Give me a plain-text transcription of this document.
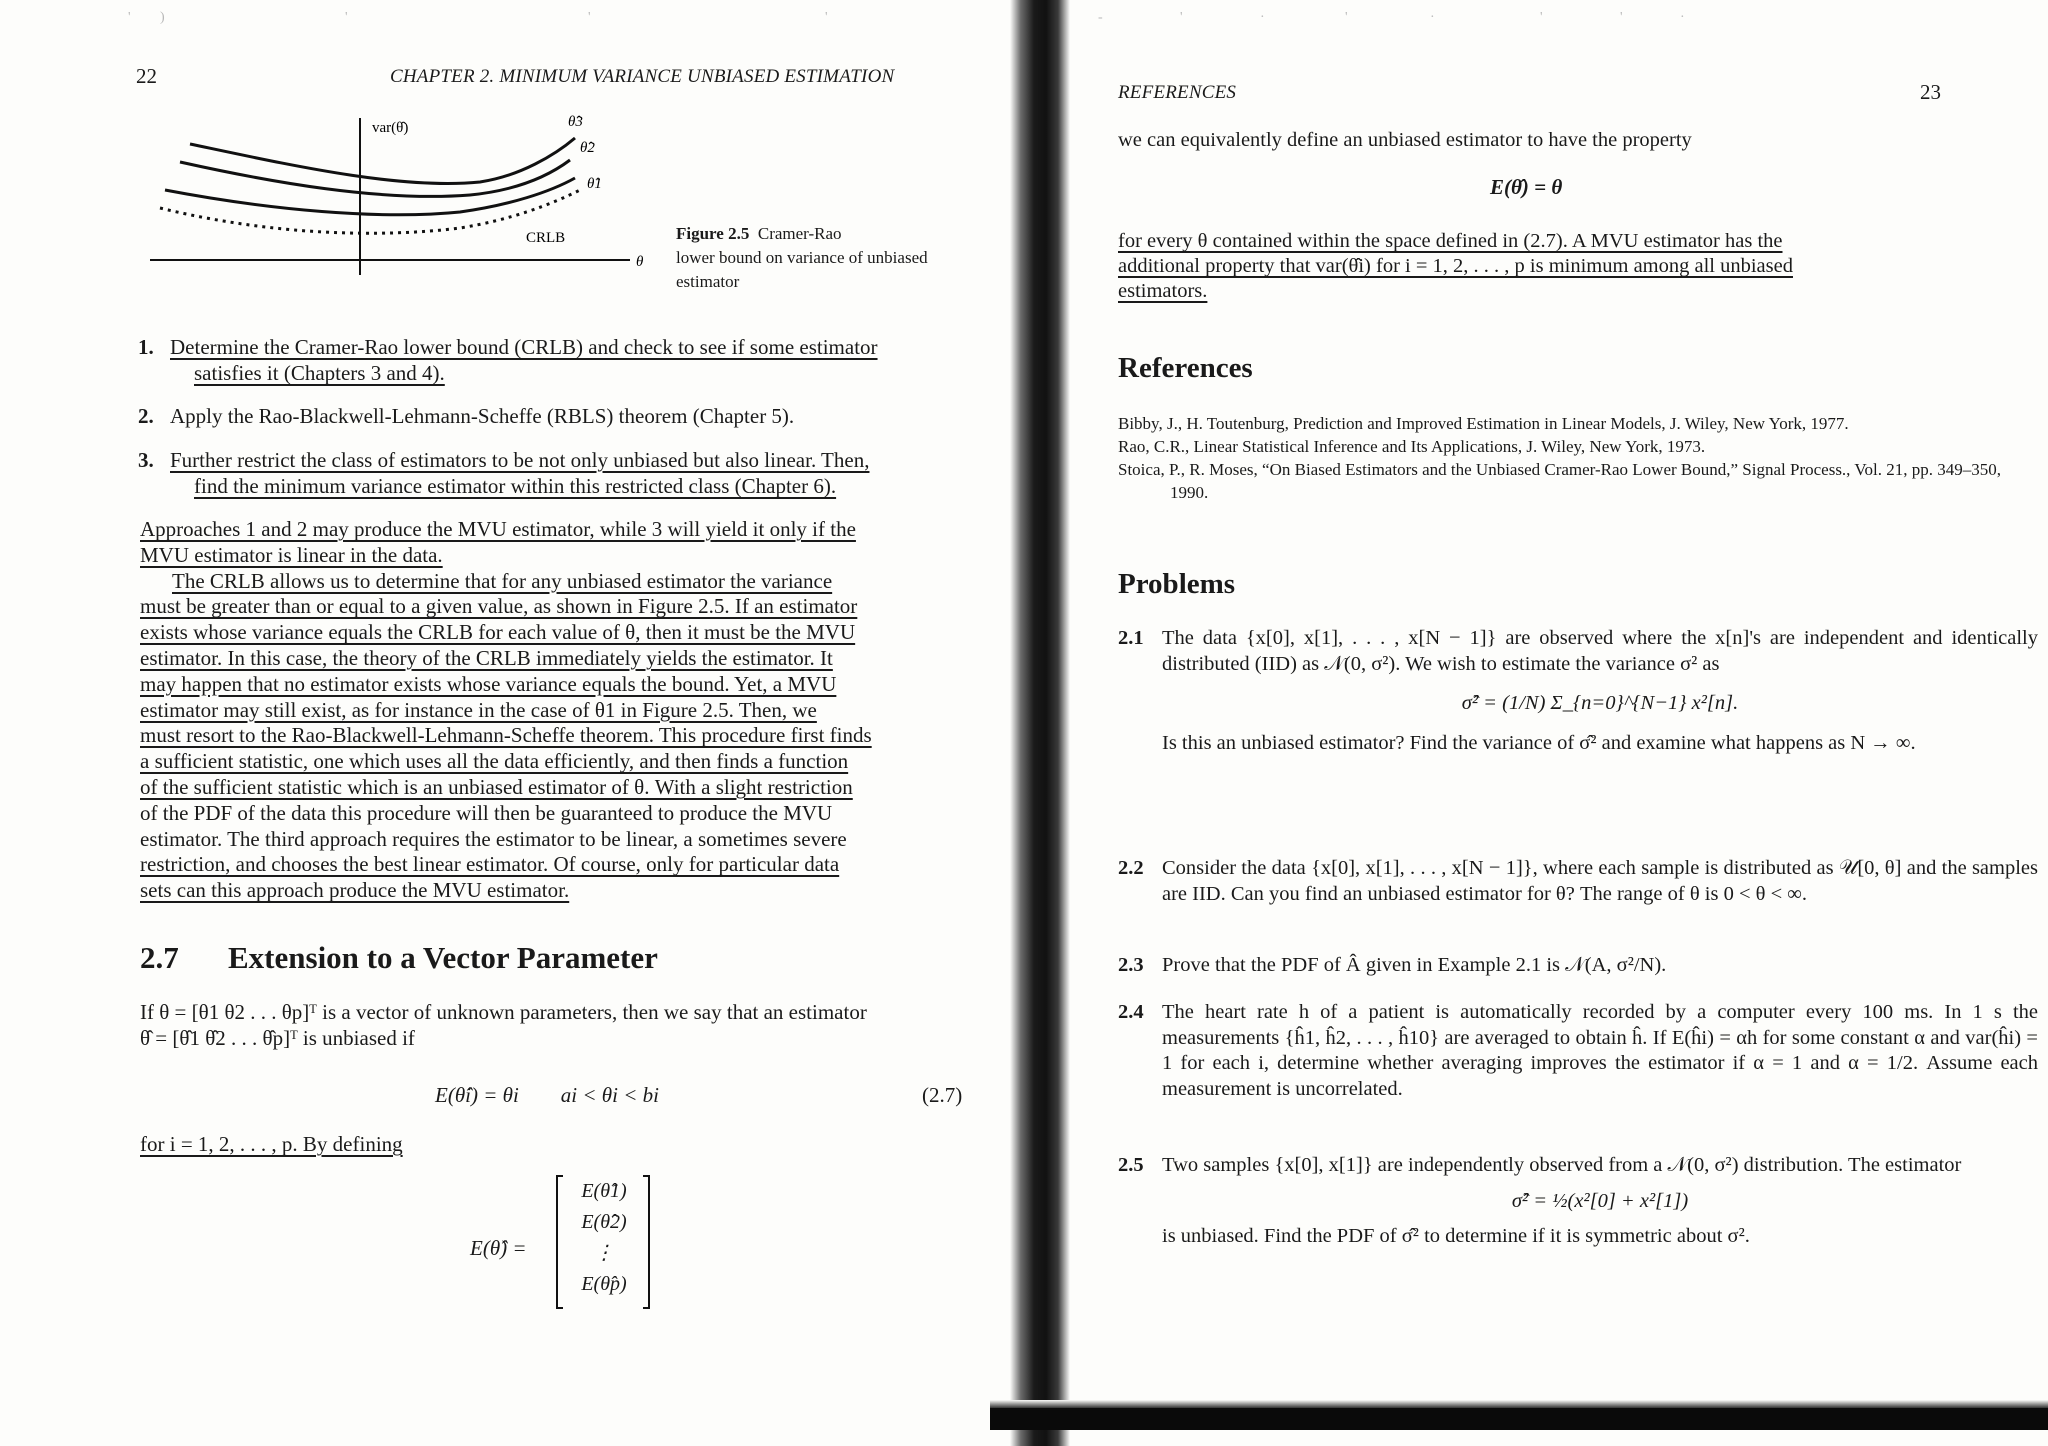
' )	'	'	'	-	'	·	'	·	'	'	·
22	CHAPTER 2. MINIMUM VARIANCE UNBIASED ESTIMATION
var(θ̂)	θ̂3
θ̂2
θ̂1
CRLB
θ
Figure 2.5 Cramer-Rao
lower bound on variance of unbiased
estimator
1. Determine the Cramer-Rao lower bound (CRLB) and check to see if some estimator
satisfies it (Chapters 3 and 4).
2. Apply the Rao-Blackwell-Lehmann-Scheffe (RBLS) theorem (Chapter 5).
3. Further restrict the class of estimators to be not only unbiased but also linear. Then,
find the minimum variance estimator within this restricted class (Chapter 6).
Approaches 1 and 2 may produce the MVU estimator, while 3 will yield it only if the
MVU estimator is linear in the data.
The CRLB allows us to determine that for any unbiased estimator the variance
must be greater than or equal to a given value, as shown in Figure 2.5. If an estimator
exists whose variance equals the CRLB for each value of θ, then it must be the MVU
estimator. In this case, the theory of the CRLB immediately yields the estimator. It
may happen that no estimator exists whose variance equals the bound. Yet, a MVU
estimator may still exist, as for instance in the case of θ1 in Figure 2.5. Then, we
must resort to the Rao-Blackwell-Lehmann-Scheffe theorem. This procedure first finds
a sufficient statistic, one which uses all the data efficiently, and then finds a function
of the sufficient statistic which is an unbiased estimator of θ. With a slight restriction
of the PDF of the data this procedure will then be guaranteed to produce the MVU
estimator. The third approach requires the estimator to be linear, a sometimes severe
restriction, and chooses the best linear estimator. Of course, only for particular data
sets can this approach produce the MVU estimator.
2.7 Extension to a Vector Parameter
If θ = [θ1 θ2 . . . θp]ᵀ is a vector of unknown parameters, then we say that an estimator
θ̂ = [θ̂1 θ̂2 . . . θ̂p]ᵀ is unbiased if
E(θ̂i) = θi        ai < θi < bi	(2.7)
for i = 1, 2, . . . , p. By defining
E(θ̂) =
E(θ̂1)
E(θ̂2)
⋮
E(θ̂p)
REFERENCES	23
we can equivalently define an unbiased estimator to have the property
E(θ̂) = θ
for every θ contained within the space defined in (2.7). A MVU estimator has the
additional property that var(θ̂i) for i = 1, 2, . . . , p is minimum among all unbiased
estimators.
References
Bibby, J., H. Toutenburg, Prediction and Improved Estimation in Linear Models, J. Wiley, New York, 1977.
Rao, C.R., Linear Statistical Inference and Its Applications, J. Wiley, New York, 1973.
Stoica, P., R. Moses, “On Biased Estimators and the Unbiased Cramer-Rao Lower Bound,” Signal Process., Vol. 21, pp. 349–350, 1990.
Problems
2.1 The data {x[0], x[1], . . . , x[N − 1]} are observed where the x[n]'s are independent and identically distributed (IID) as 𝒩(0, σ²). We wish to estimate the variance σ² as
σ̂² = (1/N) Σ_{n=0}^{N−1} x²[n].
Is this an unbiased estimator? Find the variance of σ̂² and examine what happens as N → ∞.
2.2 Consider the data {x[0], x[1], . . . , x[N − 1]}, where each sample is distributed as 𝒰[0, θ] and the samples are IID. Can you find an unbiased estimator for θ? The range of θ is 0 < θ < ∞.
2.3 Prove that the PDF of Â given in Example 2.1 is 𝒩(A, σ²/N).
2.4 The heart rate h of a patient is automatically recorded by a computer every 100 ms. In 1 s the measurements {ĥ1, ĥ2, . . . , ĥ10} are averaged to obtain ĥ. If E(ĥi) = αh for some constant α and var(ĥi) = 1 for each i, determine whether averaging improves the estimator if α = 1 and α = 1/2. Assume each measurement is uncorrelated.
2.5 Two samples {x[0], x[1]} are independently observed from a 𝒩(0, σ²) distribution. The estimator
σ̂² = ½(x²[0] + x²[1])
is unbiased. Find the PDF of σ̂² to determine if it is symmetric about σ².
